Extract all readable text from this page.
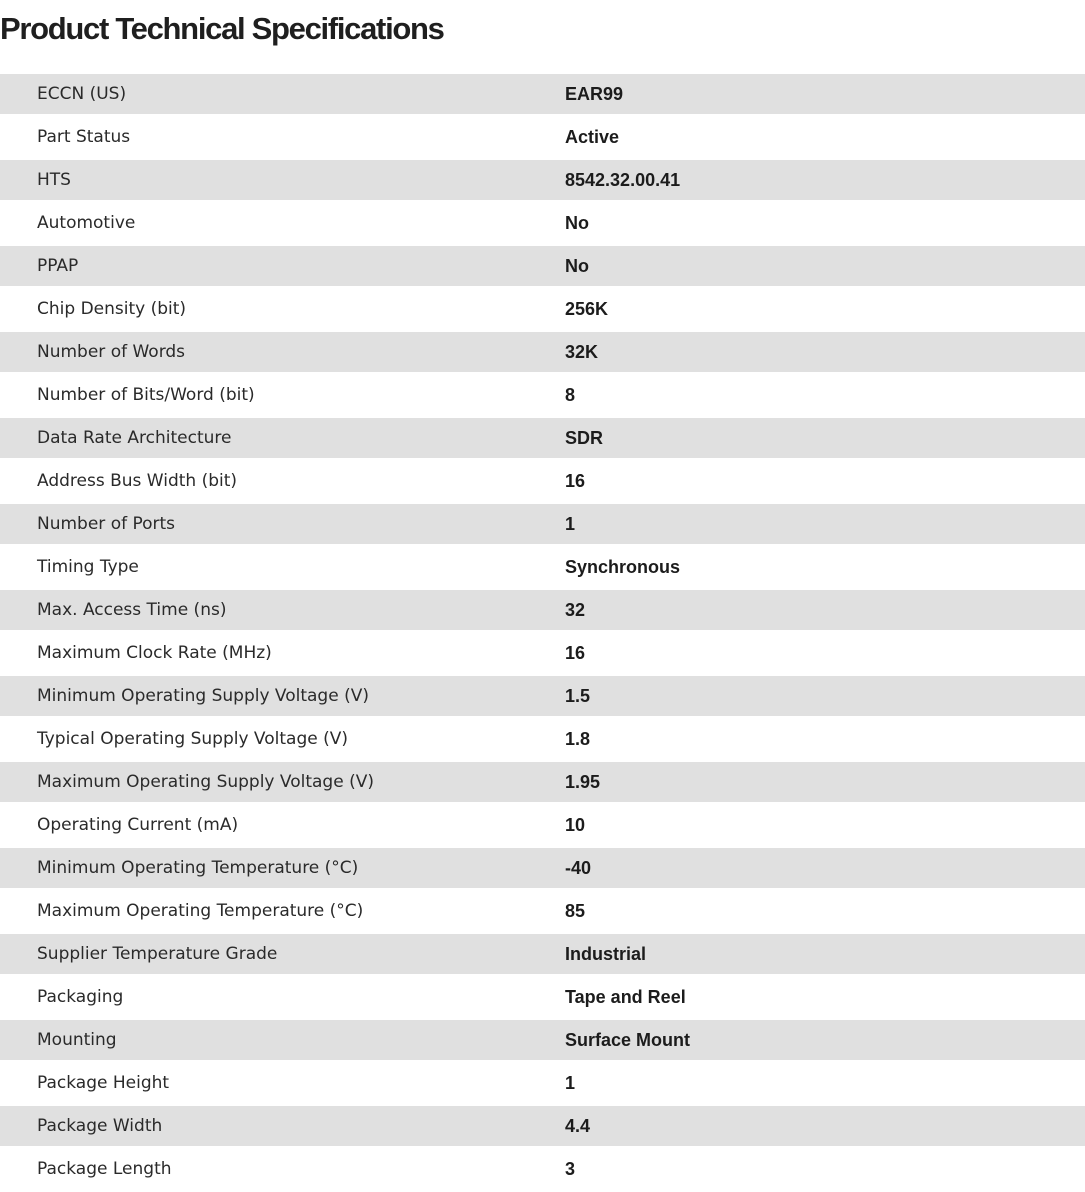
Product Technical Specifications
ECCN (US)	EAR99
Part Status	Active
HTS	8542.32.00.41
Automotive	No
PPAP	No
Chip Density (bit)	256K
Number of Words	32K
Number of Bits/Word (bit)	8
Data Rate Architecture	SDR
Address Bus Width (bit)	16
Number of Ports	1
Timing Type	Synchronous
Max. Access Time (ns)	32
Maximum Clock Rate (MHz)	16
Minimum Operating Supply Voltage (V)	1.5
Typical Operating Supply Voltage (V)	1.8
Maximum Operating Supply Voltage (V)	1.95
Operating Current (mA)	10
Minimum Operating Temperature (°C)	-40
Maximum Operating Temperature (°C)	85
Supplier Temperature Grade	Industrial
Packaging	Tape and Reel
Mounting	Surface Mount
Package Height	1
Package Width	4.4
Package Length	3
